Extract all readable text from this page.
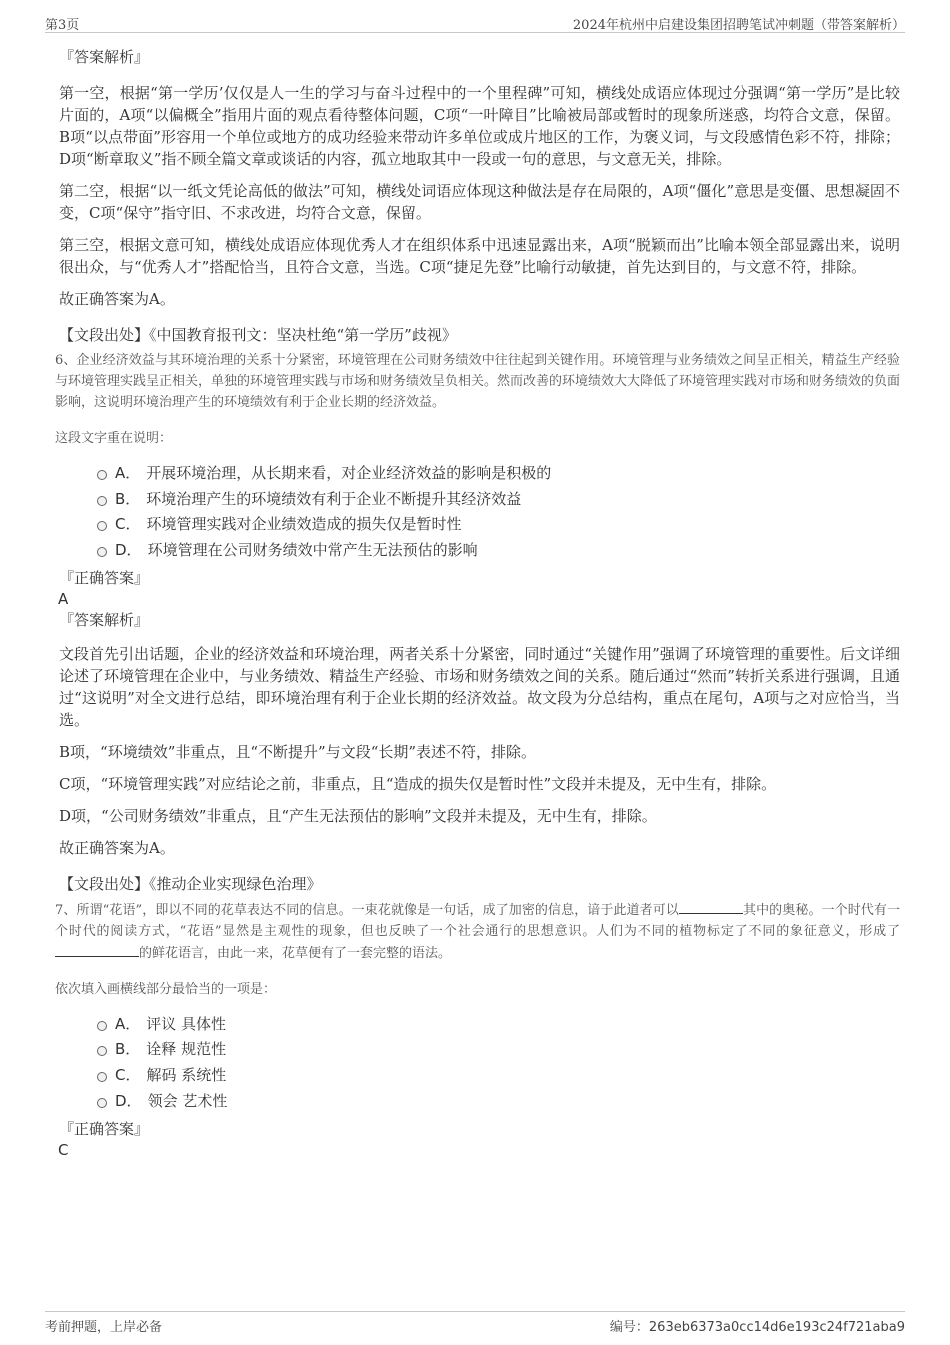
第3页	2024年杭州中启建设集团招聘笔试冲刺题（带答案解析）
『答案解析』

第一空，根据“第一学历’仅仅是人一生的学习与奋斗过程中的一个里程碑”可知，横线处成语应体现过分强调“第一学历”是比较片面的，A项“以偏概全”指用片面的观点看待整体问题，C项“一叶障目”比喻被局部或暂时的现象所迷惑，均符合文意，保留。B项“以点带面”形容用一个单位或地方的成功经验来带动许多单位或成片地区的工作，为褒义词，与文段感情色彩不符，排除；D项“断章取义”指不顾全篇文章或谈话的内容，孤立地取其中一段或一句的意思，与文意无关，排除。

第二空，根据“以一纸文凭论高低的做法”可知，横线处词语应体现这种做法是存在局限的，A项“僵化”意思是变僵、思想凝固不变，C项“保守”指守旧、不求改进，均符合文意，保留。

第三空，根据文意可知，横线处成语应体现优秀人才在组织体系中迅速显露出来，A项“脱颖而出”比喻本领全部显露出来，说明很出众，与“优秀人才”搭配恰当，且符合文意，当选。C项“捷足先登”比喻行动敏捷，首先达到目的，与文意不符，排除。

故正确答案为A。

【文段出处】《中国教育报刊文：坚决杜绝“第一学历”歧视》

6、企业经济效益与其环境治理的关系十分紧密，环境管理在公司财务绩效中往往起到关键作用。环境管理与业务绩效之间呈正相关，精益生产经验与环境管理实践呈正相关，单独的环境管理实践与市场和财务绩效呈负相关。然而改善的环境绩效大大降低了环境管理实践对市场和财务绩效的负面影响，这说明环境治理产生的环境绩效有利于企业长期的经济效益。

这段文字重在说明：

A． 开展环境治理，从长期来看，对企业经济效益的影响是积极的
B． 环境治理产生的环境绩效有利于企业不断提升其经济效益
C． 环境管理实践对企业绩效造成的损失仅是暂时性
D． 环境管理在公司财务绩效中常产生无法预估的影响
『正确答案』
A
『答案解析』

文段首先引出话题，企业的经济效益和环境治理，两者关系十分紧密，同时通过“关键作用”强调了环境管理的重要性。后文详细论述了环境管理在企业中，与业务绩效、精益生产经验、市场和财务绩效之间的关系。随后通过“然而”转折关系进行强调，且通过“这说明”对全文进行总结，即环境治理有利于企业长期的经济效益。故文段为分总结构，重点在尾句，A项与之对应恰当，当选。

B项，“环境绩效”非重点，且“不断提升”与文段“长期”表述不符，排除。

C项，“环境管理实践”对应结论之前，非重点，且“造成的损失仅是暂时性”文段并未提及，无中生有，排除。

D项，“公司财务绩效”非重点，且“产生无法预估的影响”文段并未提及，无中生有，排除。

故正确答案为A。

【文段出处】《推动企业实现绿色治理》

7、所谓“花语”，即以不同的花草表达不同的信息。一束花就像是一句话，成了加密的信息，谙于此道者可以	其中的奥秘。一个时代有一个时代的阅读方式，“花语”显然是主观性的现象，但也反映了一个社会通行的思想意识。人们为不同的植物标定了不同的象征意义，形成了的鲜花语言，由此一来，花草便有了一套完整的语法。

依次填入画横线部分最恰当的一项是：

A． 评议 具体性
B． 诠释 规范性
C． 解码 系统性
D． 领会 艺术性
『正确答案』
C
考前押题，上岸必备	编号：263eb6373a0cc14d6e193c24f721aba9
